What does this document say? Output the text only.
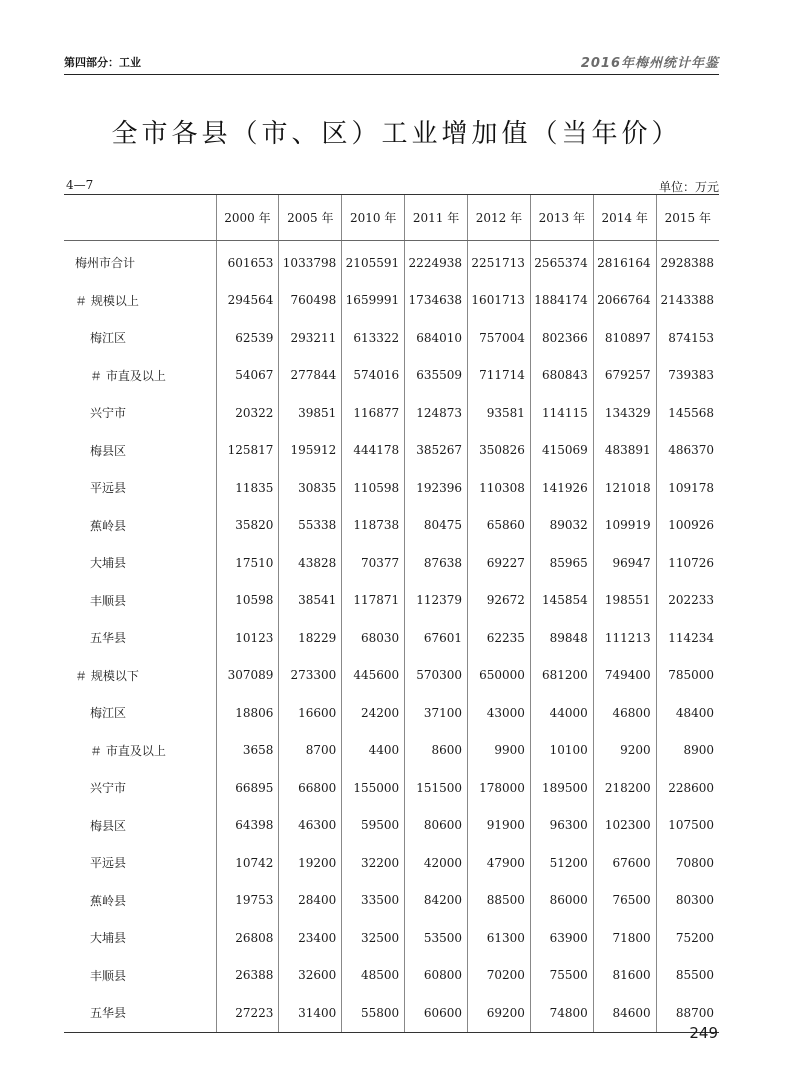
第四部分：工业	2016年梅州统计年鉴
全市各县（市、区）工业增加值（当年价）
4—7	单位：万元
	2000 年	2005 年	2010 年	2011 年	2012 年	2013 年	2014 年	2015 年
梅州市合计	601653	1033798	2105591	2224938	2251713	2565374	2816164	2928388
＃ 规模以上	294564	760498	1659991	1734638	1601713	1884174	2066764	2143388
梅江区	62539	293211	613322	684010	757004	802366	810897	874153
＃ 市直及以上	54067	277844	574016	635509	711714	680843	679257	739383
兴宁市	20322	39851	116877	124873	93581	114115	134329	145568
梅县区	125817	195912	444178	385267	350826	415069	483891	486370
平远县	11835	30835	110598	192396	110308	141926	121018	109178
蕉岭县	35820	55338	118738	80475	65860	89032	109919	100926
大埔县	17510	43828	70377	87638	69227	85965	96947	110726
丰顺县	10598	38541	117871	112379	92672	145854	198551	202233
五华县	10123	18229	68030	67601	62235	89848	111213	114234
＃ 规模以下	307089	273300	445600	570300	650000	681200	749400	785000
梅江区	18806	16600	24200	37100	43000	44000	46800	48400
＃ 市直及以上	3658	8700	4400	8600	9900	10100	9200	8900
兴宁市	66895	66800	155000	151500	178000	189500	218200	228600
梅县区	64398	46300	59500	80600	91900	96300	102300	107500
平远县	10742	19200	32200	42000	47900	51200	67600	70800
蕉岭县	19753	28400	33500	84200	88500	86000	76500	80300
大埔县	26808	23400	32500	53500	61300	63900	71800	75200
丰顺县	26388	32600	48500	60800	70200	75500	81600	85500
五华县	27223	31400	55800	60600	69200	74800	84600	88700
249
